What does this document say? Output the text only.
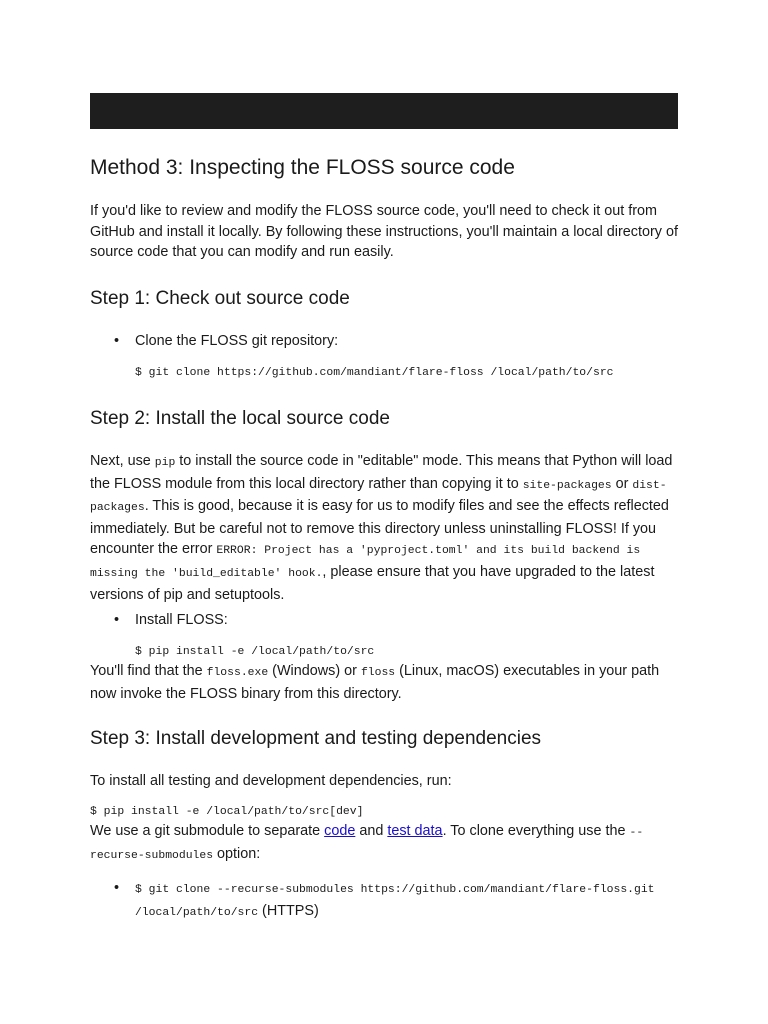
Method 3: Inspecting the FLOSS source code

If you'd like to review and modify the FLOSS source code, you'll need to check it out from GitHub and install it locally. By following these instructions, you'll maintain a local directory of source code that you can modify and run easily.

Step 1: Check out source code
• Clone the FLOSS git repository:
$ git clone https://github.com/mandiant/flare-floss /local/path/to/src
Step 2: Install the local source code

Next, use pip to install the source code in "editable" mode. This means that Python will load the FLOSS module from this local directory rather than copying it to site-packages or dist-packages. This is good, because it is easy for us to modify files and see the effects reflected immediately. But be careful not to remove this directory unless uninstalling FLOSS! If you encounter the error ERROR: Project has a 'pyproject.toml' and its build backend is missing the 'build_editable' hook., please ensure that you have upgraded to the latest versions of pip and setuptools.

• Install FLOSS:
$ pip install -e /local/path/to/src

You'll find that the floss.exe (Windows) or floss (Linux, macOS) executables in your path now invoke the FLOSS binary from this directory.

Step 3: Install development and testing dependencies

To install all testing and development dependencies, run:

$ pip install -e /local/path/to/src[dev]

We use a git submodule to separate code and test data. To clone everything use the --recurse-submodules option:

• $ git clone --recurse-submodules https://github.com/mandiant/flare-floss.git /local/path/to/src (HTTPS)
